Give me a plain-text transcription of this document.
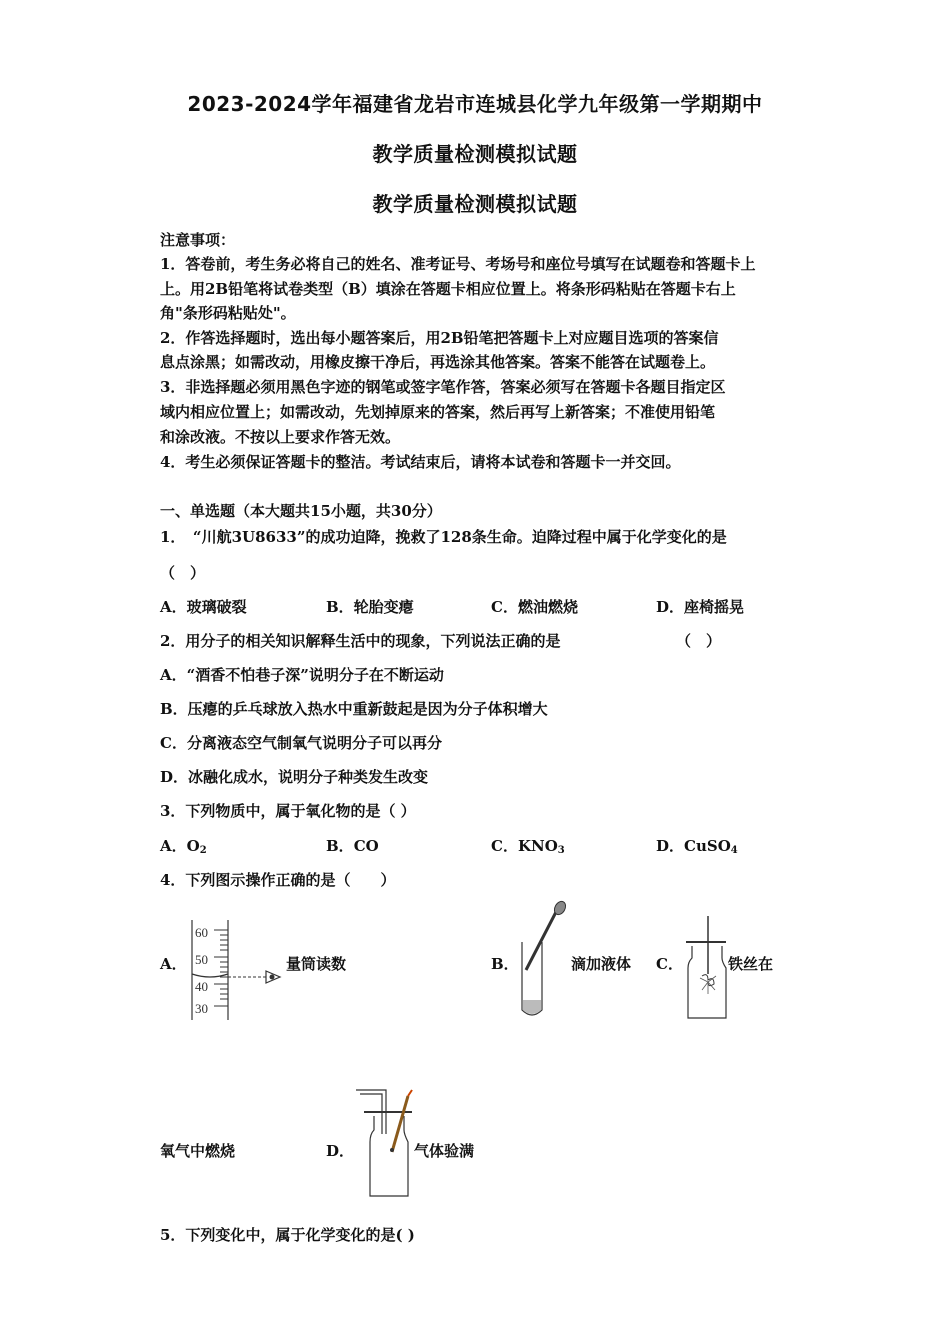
2023-2024学年福建省龙岩市连城县化学九年级第一学期期中
教学质量检测模拟试题
教学质量检测模拟试题
注意事项：
1．答卷前，考生务必将自己的姓名、准考证号、考场号和座位号填写在试题卷和答题卡上
上。用2B铅笔将试卷类型（B）填涂在答题卡相应位置上。将条形码粘贴在答题卡右上
角"条形码粘贴处"。
2．作答选择题时，选出每小题答案后，用2B铅笔把答题卡上对应题目选项的答案信
息点涂黑；如需改动，用橡皮擦干净后，再选涂其他答案。答案不能答在试题卷上。
3．非选择题必须用黑色字迹的钢笔或签字笔作答，答案必须写在答题卡各题目指定区
域内相应位置上；如需改动，先划掉原来的答案，然后再写上新答案；不准使用铅笔
和涂改液。不按以上要求作答无效。
4．考生必须保证答题卡的整洁。考试结束后，请将本试卷和答题卡一并交回。
一、单选题（本大题共15小题，共30分）
1．　“川航3U8633”的成功迫降，挽救了128条生命。迫降过程中属于化学变化的是
（　）
A．玻璃破裂	B．轮胎变瘪	C．燃油燃烧	D．座椅摇晃
2．用分子的相关知识解释生活中的现象，下列说法正确的是	（　）
A．“酒香不怕巷子深”说明分子在不断运动
B．压瘪的乒乓球放入热水中重新鼓起是因为分子体积增大
C．分离液态空气制氧气说明分子可以再分
D．冰融化成水，说明分子种类发生改变
3．下列物质中，属于氧化物的是（ ）
A．$O_2$	B．CO	C．$KNO_3$	D．CuSO$_4$
4．下列图示操作正确的是（　　）
A．
60
50
40
30
量筒读数	B．	滴加液体 C．	铁丝在
氧气中燃烧	D．	气体验满
5．下列变化中，属于化学变化的是( )
